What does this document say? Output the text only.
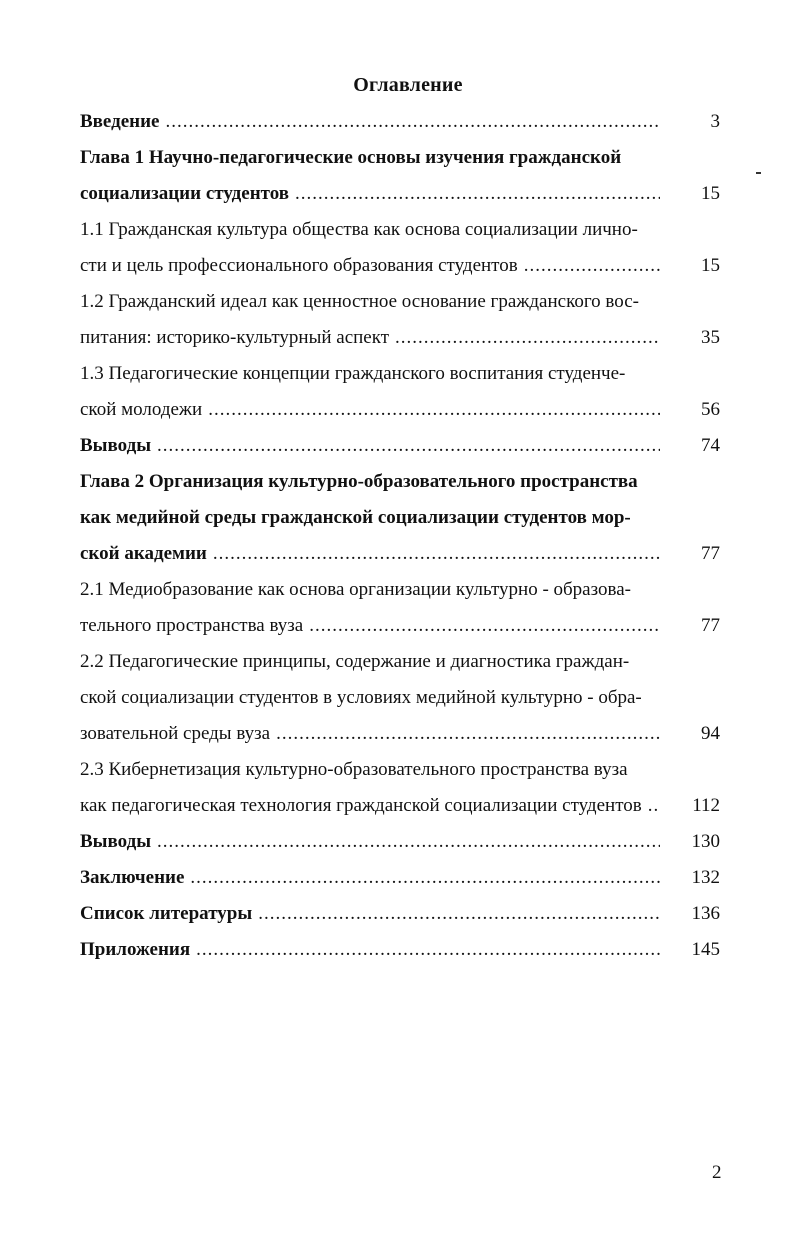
Оглавление
Введение .....	3
Глава 1 Научно-педагогические основы изучения гражданской
социализации студентов .....	15
1.1 Гражданская культура общества как основа социализации лично-
сти и цель профессионального образования студентов .....	15
1.2 Гражданский идеал как ценностное основание гражданского вос-
питания: историко-культурный аспект .....	35
1.3 Педагогические концепции гражданского воспитания студенче-
ской молодежи .....	56
Выводы .....	74
Глава 2 Организация культурно-образовательного пространства
как медийной среды гражданской социализации студентов мор-
ской академии .....	77
2.1 Медиобразование как основа организации культурно - образова-
тельного пространства вуза .....	77
2.2 Педагогические принципы, содержание и диагностика граждан-
ской социализации студентов в условиях медийной культурно - обра-
зовательной среды вуза .....	94
2.3 Кибернетизация культурно-образовательного пространства вуза
как педагогическая технология гражданской социализации студентов .....	112
Выводы .....	130
Заключение .....	132
Список литературы .....	136
Приложения .....	145
2
